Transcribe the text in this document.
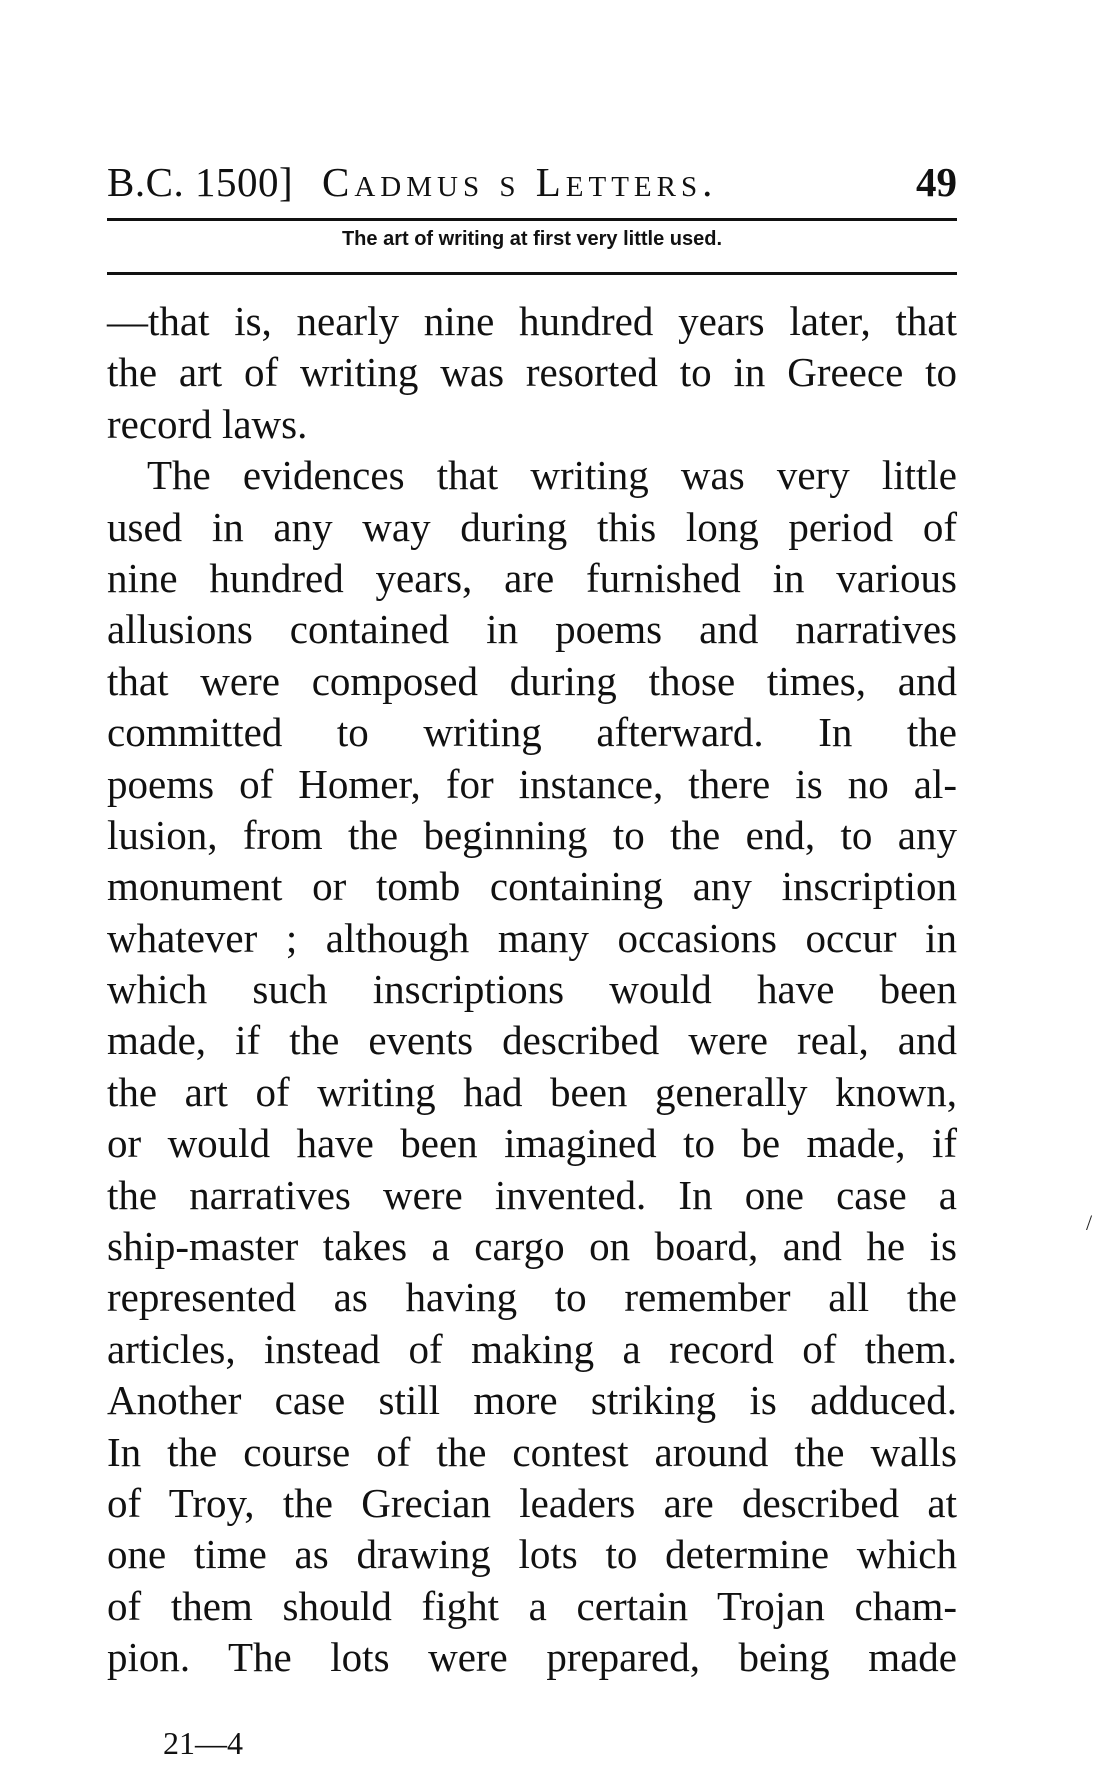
B.C. 1500] Cadmus s Letters.	49
The art of writing at first very little used.
—that is, nearly nine hundred years later, that
the art of writing was resorted to in Greece to
record laws.
The evidences that writing was very little
used in any way during this long period of
nine hundred years, are furnished in various
allusions contained in poems and narratives
that were composed during those times, and
committed to writing afterward. In the
poems of Homer, for instance, there is no al-
lusion, from the beginning to the end, to any
monument or tomb containing any inscription
whatever ; although many occasions occur in
which such inscriptions would have been
made, if the events described were real, and
the art of writing had been generally known,
or would have been imagined to be made, if
the narratives were invented. In one case a
ship-master takes a cargo on board, and he is
represented as having to remember all the
articles, instead of making a record of them.
Another case still more striking is adduced.
In the course of the contest around the walls
of Troy, the Grecian leaders are described at
one time as drawing lots to determine which
of them should fight a certain Trojan cham-
pion. The lots were prepared, being made
21—4
/
